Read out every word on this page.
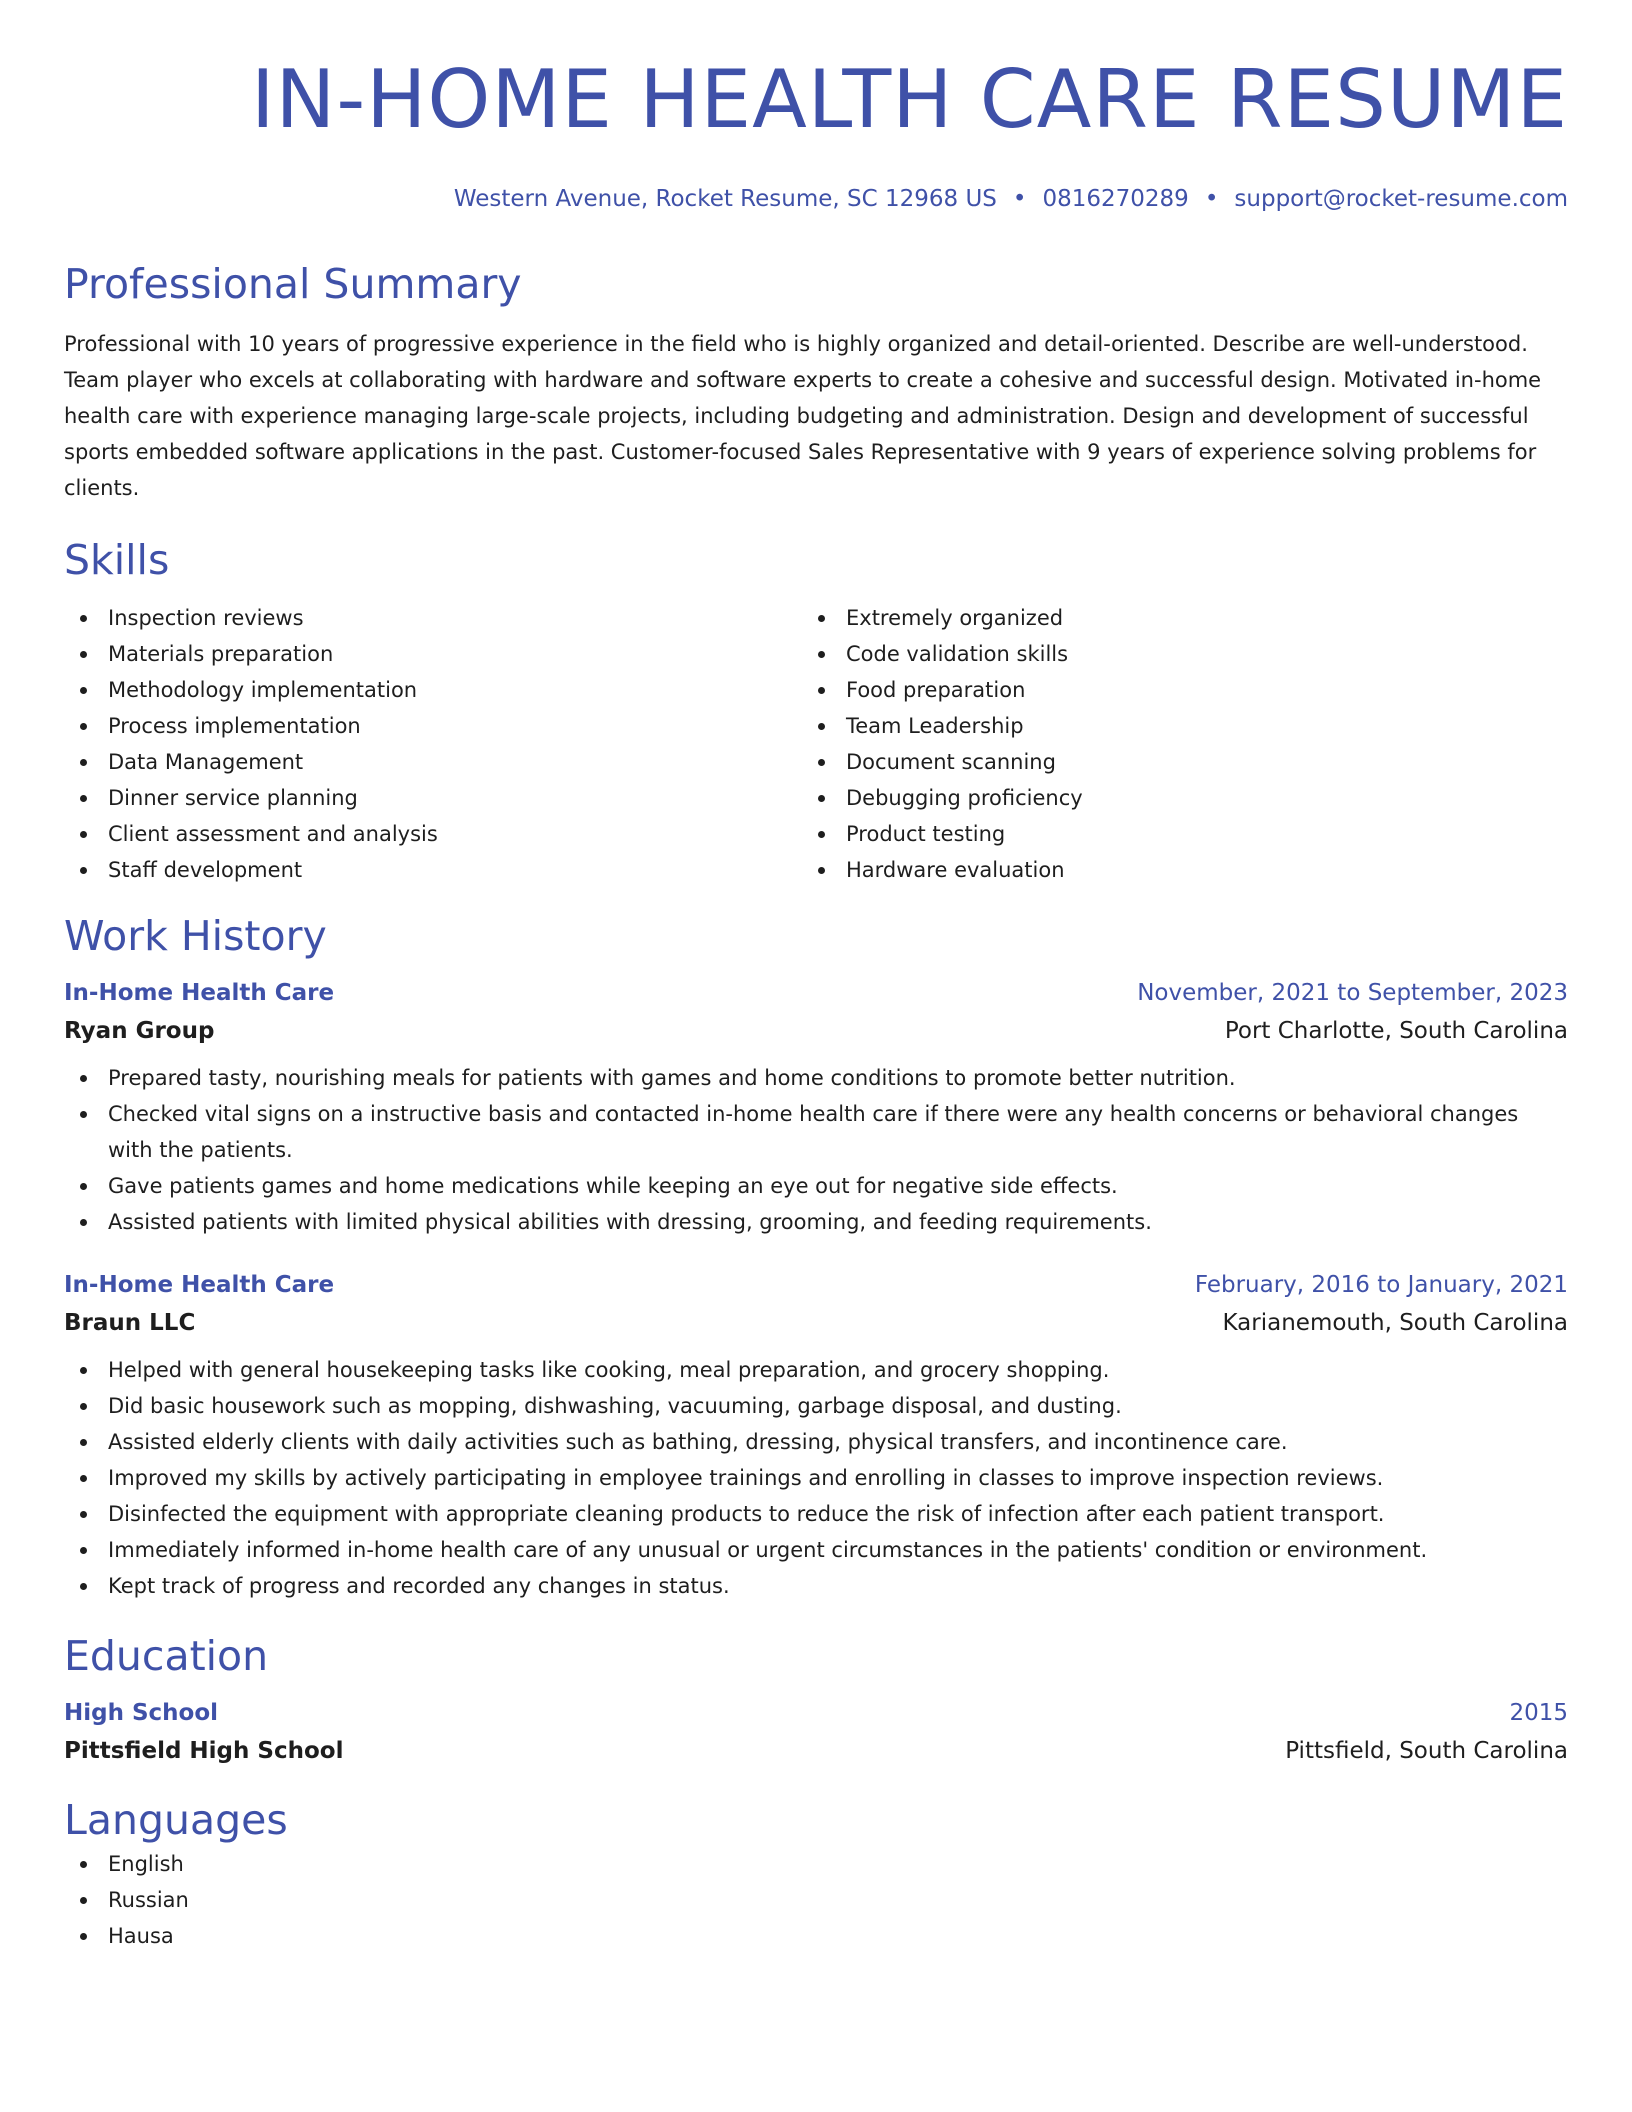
IN-HOME HEALTH CARE RESUME
Western Avenue, Rocket Resume, SC 12968 US • 0816270289 • support@rocket-resume.com
Professional Summary

Professional with 10 years of progressive experience in the field who is highly organized and detail-oriented. Describe are well-understood. Team player who excels at collaborating with hardware and software experts to create a cohesive and successful design. Motivated in-home health care with experience managing large-scale projects, including budgeting and administration. Design and development of successful sports embedded software applications in the past. Customer-focused Sales Representative with 9 years of experience solving problems for clients.

Skills
Inspection reviews
Materials preparation
Methodology implementation
Process implementation
Data Management
Dinner service planning
Client assessment and analysis
Staff development
Extremely organized
Code validation skills
Food preparation
Team Leadership
Document scanning
Debugging proficiency
Product testing
Hardware evaluation
Work History
In-Home Health Care	November, 2021 to September, 2023
Ryan Group	Port Charlotte, South Carolina
Prepared tasty, nourishing meals for patients with games and home conditions to promote better nutrition.
Checked vital signs on a instructive basis and contacted in-home health care if there were any health concerns or behavioral changes with the patients.
Gave patients games and home medications while keeping an eye out for negative side effects.
Assisted patients with limited physical abilities with dressing, grooming, and feeding requirements.
In-Home Health Care	February, 2016 to January, 2021
Braun LLC	Karianemouth, South Carolina
Helped with general housekeeping tasks like cooking, meal preparation, and grocery shopping.
Did basic housework such as mopping, dishwashing, vacuuming, garbage disposal, and dusting.
Assisted elderly clients with daily activities such as bathing, dressing, physical transfers, and incontinence care.
Improved my skills by actively participating in employee trainings and enrolling in classes to improve inspection reviews.
Disinfected the equipment with appropriate cleaning products to reduce the risk of infection after each patient transport.
Immediately informed in-home health care of any unusual or urgent circumstances in the patients' condition or environment.
Kept track of progress and recorded any changes in status.
Education
High School	2015
Pittsfield High School	Pittsfield, South Carolina
Languages
English
Russian
Hausa
